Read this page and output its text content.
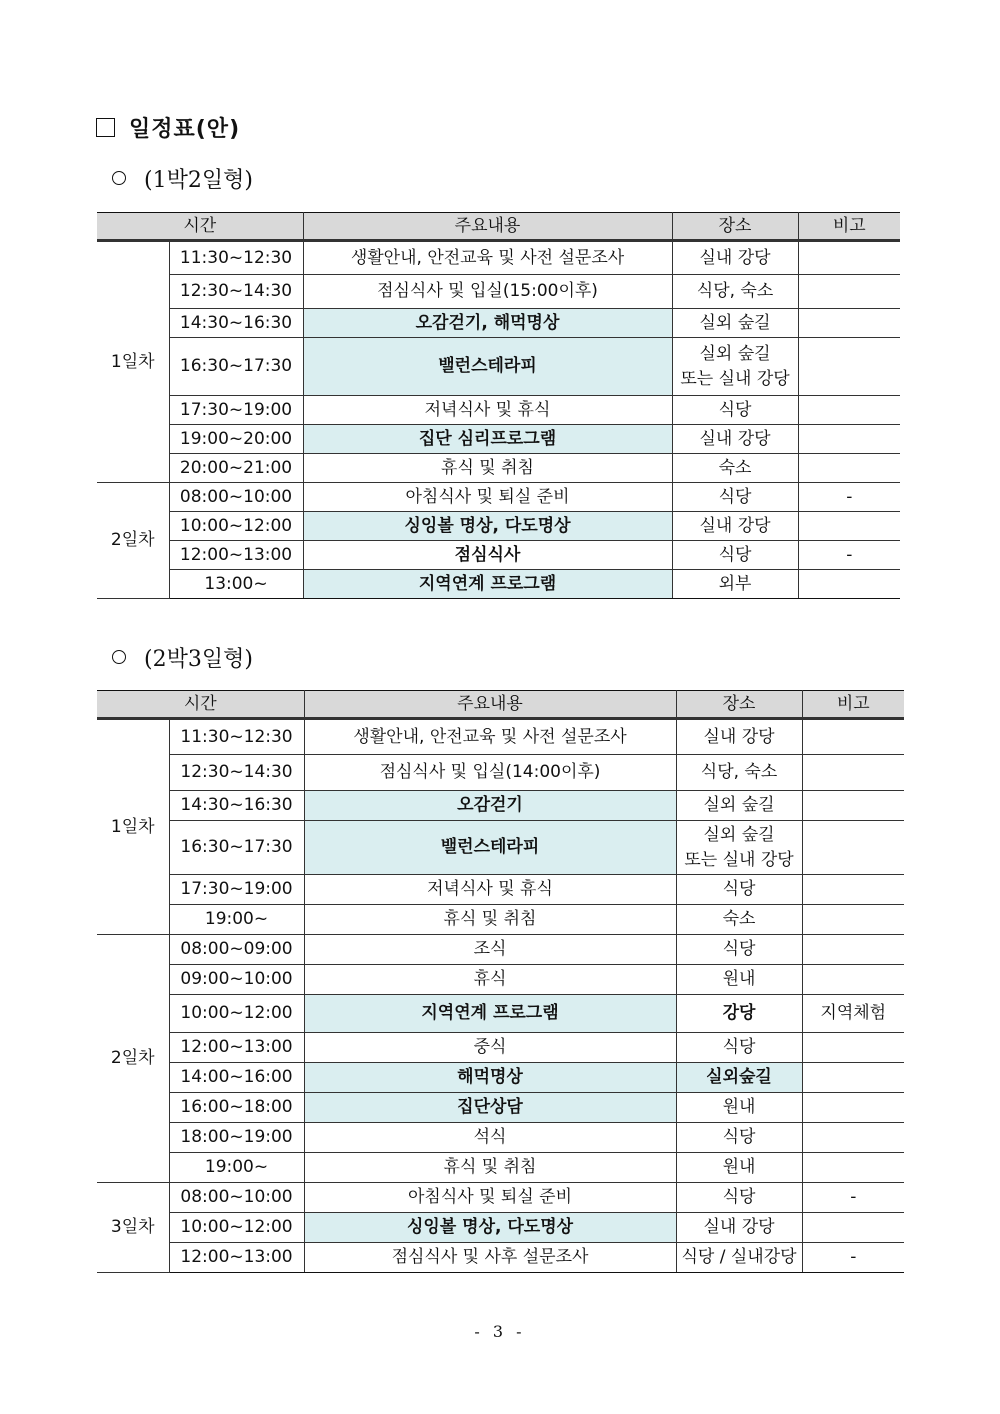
일정표(안)
(1박2일형)
시간		주요내용	장소	비고
1일차	11:30~12:30	생활안내, 안전교육 및 사전 설문조사	실내 강당	
	12:30~14:30	점심식사 및 입실(15:00이후)	식당, 숙소	
	14:30~16:30	오감걷기, 해먹명상	실외 숲길	
	16:30~17:30	밸런스테라피	실외 숲길
또는 실내 강당	

	17:30~19:00	저녁식사 및 휴식	식당	
	19:00~20:00	집단 심리프로그램	실내 강당	
	20:00~21:00	휴식 및 취침	숙소	
2일차	08:00~10:00	아침식사 및 퇴실 준비	식당	-
	10:00~12:00	싱잉볼 명상, 다도명상	실내 강당	
	12:00~13:00	점심식사	식당	-
	13:00~	지역연계 프로그램	외부	
(2박3일형)
시간		주요내용	장소	비고
1일차	11:30~12:30	생활안내, 안전교육 및 사전 설문조사	실내 강당	
	12:30~14:30	점심식사 및 입실(14:00이후)	식당, 숙소	
	14:30~16:30	오감걷기	실외 숲길	
	16:30~17:30	밸런스테라피	실외 숲길
또는 실내 강당	

	17:30~19:00	저녁식사 및 휴식	식당	
	19:00~	휴식 및 취침	숙소	
2일차	08:00~09:00	조식	식당	
	09:00~10:00	휴식	원내	
	10:00~12:00	지역연계 프로그램	강당	지역체험
	12:00~13:00	중식	식당	
	14:00~16:00	해먹명상	실외숲길	
	16:00~18:00	집단상담	원내	
	18:00~19:00	석식	식당	
	19:00~	휴식 및 취침	원내	
3일차	08:00~10:00	아침식사 및 퇴실 준비	식당	-
	10:00~12:00	싱잉볼 명상, 다도명상	실내 강당	
	12:00~13:00	점심식사 및 사후 설문조사	식당 / 실내강당	-
- 3 -
